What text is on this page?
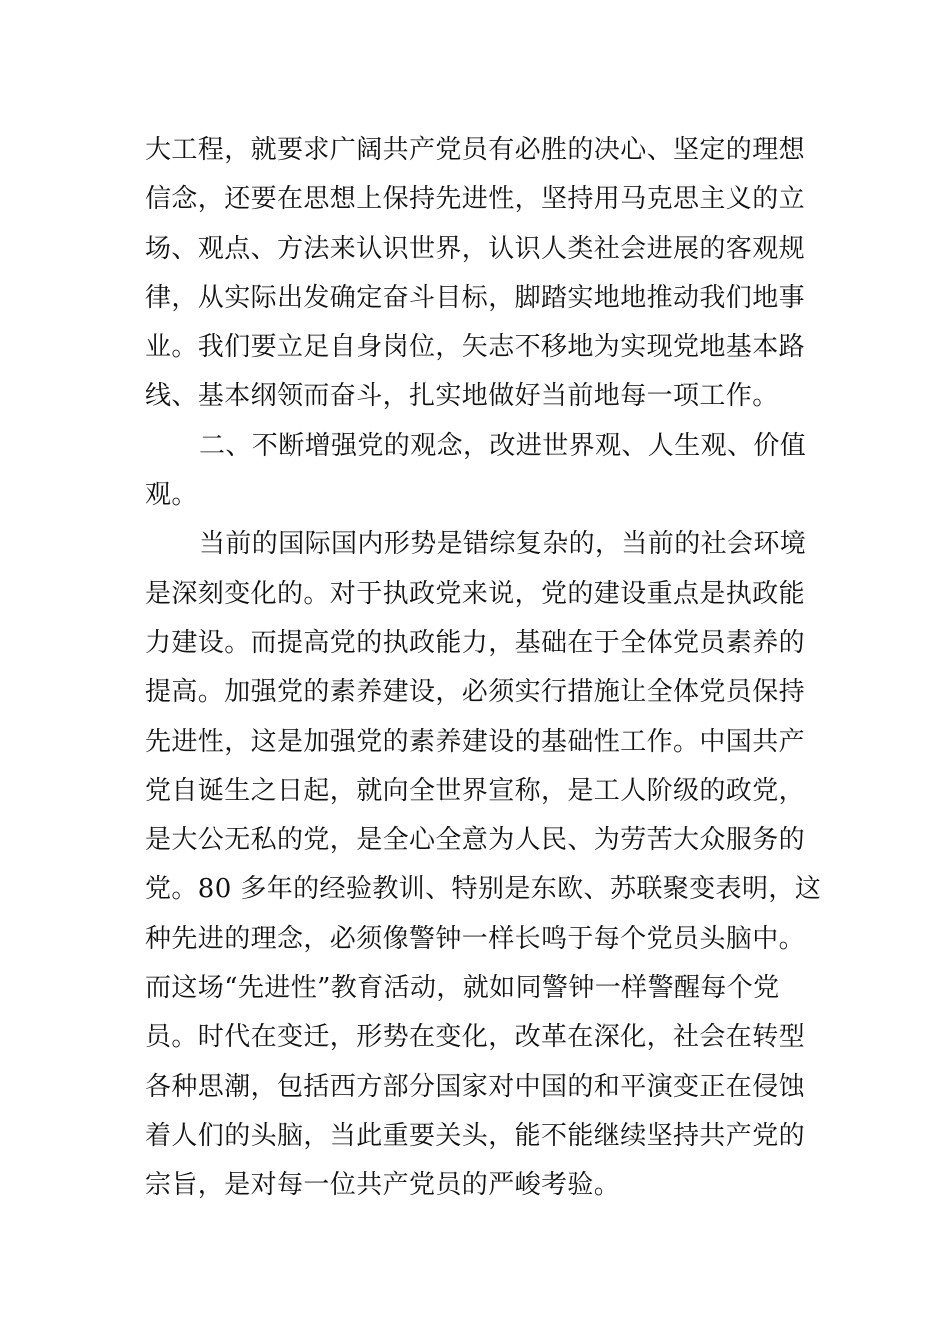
大工程，就要求广阔共产党员有必胜的决心、坚定的理想
信念，还要在思想上保持先进性，坚持用马克思主义的立
场、观点、方法来认识世界，认识人类社会进展的客观规
律，从实际出发确定奋斗目标，脚踏实地地推动我们地事
业。我们要立足自身岗位，矢志不移地为实现党地基本路
线、基本纲领而奋斗，扎实地做好当前地每一项工作。
二、不断增强党的观念，改进世界观、人生观、价值
观。
当前的国际国内形势是错综复杂的，当前的社会环境
是深刻变化的。对于执政党来说，党的建设重点是执政能
力建设。而提高党的执政能力，基础在于全体党员素养的
提高。加强党的素养建设，必须实行措施让全体党员保持
先进性，这是加强党的素养建设的基础性工作。中国共产
党自诞生之日起，就向全世界宣称，是工人阶级的政党，
是大公无私的党，是全心全意为人民、为劳苦大众服务的
党。80 多年的经验教训、特别是东欧、苏联聚变表明，这
种先进的理念，必须像警钟一样长鸣于每个党员头脑中。
而这场“先进性”教育活动，就如同警钟一样警醒每个党
员。时代在变迁，形势在变化，改革在深化，社会在转型
各种思潮，包括西方部分国家对中国的和平演变正在侵蚀
着人们的头脑，当此重要关头，能不能继续坚持共产党的
宗旨，是对每一位共产党员的严峻考验。
